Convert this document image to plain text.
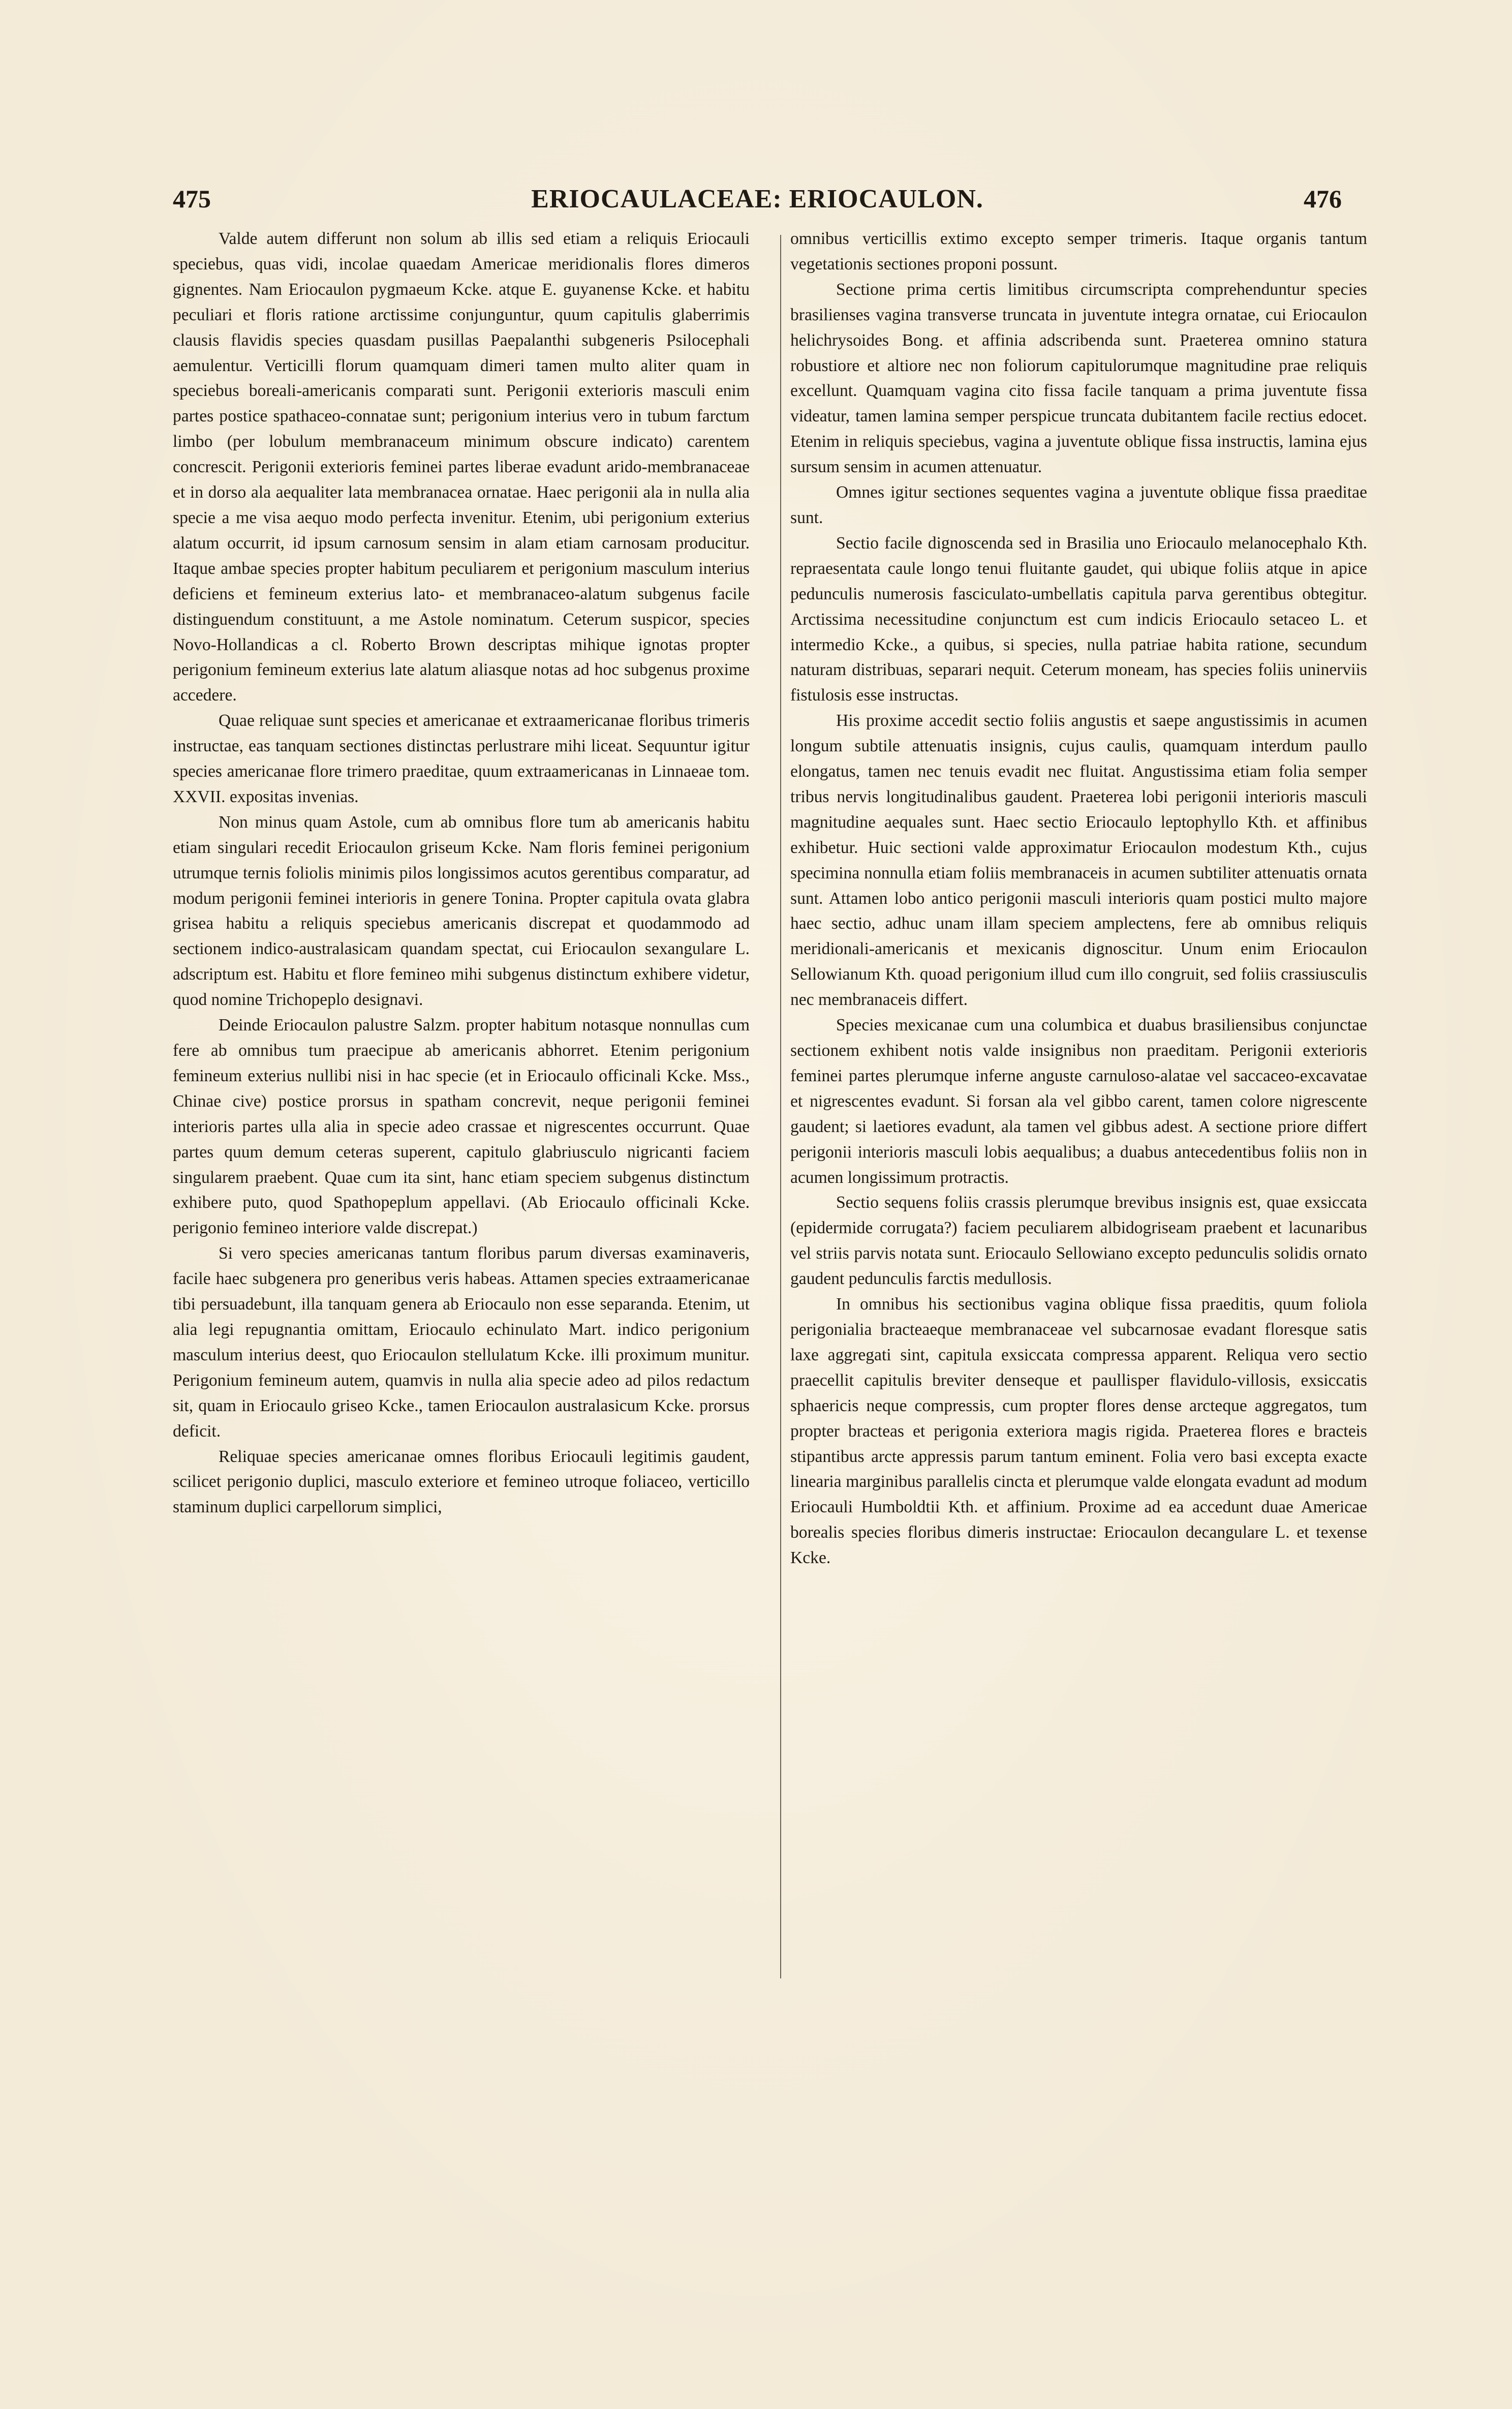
475	ERIOCAULACEAE: ERIOCAULON.	476

Valde autem differunt non solum ab illis sed etiam a reliquis Eriocauli speciebus, quas vidi, incolae quaedam Americae meridionalis flores dimeros gignentes. Nam Eriocaulon pygmaeum Kcke. atque E. guyanense Kcke. et habitu peculiari et floris ratione arctissime conjunguntur, quum capitulis glaberrimis clausis flavidis species quasdam pusillas Paepalanthi subgeneris Psilocephali aemulentur. Verticilli florum quamquam dimeri tamen multo aliter quam in speciebus boreali-americanis comparati sunt. Perigonii exterioris masculi enim partes postice spathaceo-connatae sunt; perigonium interius vero in tubum farctum limbo (per lobulum membranaceum minimum obscure indicato) carentem concrescit. Perigonii exterioris feminei partes liberae evadunt arido-membranaceae et in dorso ala aequaliter lata membranacea ornatae. Haec perigonii ala in nulla alia specie a me visa aequo modo perfecta invenitur. Etenim, ubi perigonium exterius alatum occurrit, id ipsum carnosum sensim in alam etiam carnosam producitur. Itaque ambae species propter habitum peculiarem et perigonium masculum interius deficiens et femineum exterius lato- et membranaceo-alatum subgenus facile distinguendum constituunt, a me Astole nominatum. Ceterum suspicor, species Novo-Hollandicas a cl. Roberto Brown descriptas mihique ignotas propter perigonium femineum exterius late alatum aliasque notas ad hoc subgenus proxime accedere.

Quae reliquae sunt species et americanae et extraamericanae floribus trimeris instructae, eas tanquam sectiones distinctas perlustrare mihi liceat. Sequuntur igitur species americanae flore trimero praeditae, quum extraamericanas in Linnaeae tom. XXVII. expositas invenias.

Non minus quam Astole, cum ab omnibus flore tum ab americanis habitu etiam singulari recedit Eriocaulon griseum Kcke. Nam floris feminei perigonium utrumque ternis foliolis minimis pilos longissimos acutos gerentibus comparatur, ad modum perigonii feminei interioris in genere Tonina. Propter capitula ovata glabra grisea habitu a reliquis speciebus americanis discrepat et quodammodo ad sectionem indico-australasicam quandam spectat, cui Eriocaulon sexangulare L. adscriptum est. Habitu et flore femineo mihi subgenus distinctum exhibere videtur, quod nomine Trichopeplo designavi.

Deinde Eriocaulon palustre Salzm. propter habitum notasque nonnullas cum fere ab omnibus tum praecipue ab americanis abhorret. Etenim perigonium femineum exterius nullibi nisi in hac specie (et in Eriocaulo officinali Kcke. Mss., Chinae cive) postice prorsus in spatham concrevit, neque perigonii feminei interioris partes ulla alia in specie adeo crassae et nigrescentes occurrunt. Quae partes quum demum ceteras superent, capitulo glabriusculo nigricanti faciem singularem praebent. Quae cum ita sint, hanc etiam speciem subgenus distinctum exhibere puto, quod Spathopeplum appellavi. (Ab Eriocaulo officinali Kcke. perigonio femineo interiore valde discrepat.)

Si vero species americanas tantum floribus parum diversas examinaveris, facile haec subgenera pro generibus veris habeas. Attamen species extraamericanae tibi persuadebunt, illa tanquam genera ab Eriocaulo non esse separanda. Etenim, ut alia legi repugnantia omittam, Eriocaulo echinulato Mart. indico perigonium masculum interius deest, quo Eriocaulon stellulatum Kcke. illi proximum munitur. Perigonium femineum autem, quamvis in nulla alia specie adeo ad pilos redactum sit, quam in Eriocaulo griseo Kcke., tamen Eriocaulon australasicum Kcke. prorsus deficit.

Reliquae species americanae omnes floribus Eriocauli legitimis gaudent, scilicet perigonio duplici, masculo exteriore et femineo utroque foliaceo, verticillo staminum duplici carpellorum simplici,

omnibus verticillis extimo excepto semper trimeris. Itaque organis tantum vegetationis sectiones proponi possunt.

Sectione prima certis limitibus circumscripta comprehenduntur species brasilienses vagina transverse truncata in juventute integra ornatae, cui Eriocaulon helichrysoides Bong. et affinia adscribenda sunt. Praeterea omnino statura robustiore et altiore nec non foliorum capitulorumque magnitudine prae reliquis excellunt. Quamquam vagina cito fissa facile tanquam a prima juventute fissa videatur, tamen lamina semper perspicue truncata dubitantem facile rectius edocet. Etenim in reliquis speciebus, vagina a juventute oblique fissa instructis, lamina ejus sursum sensim in acumen attenuatur.

Omnes igitur sectiones sequentes vagina a juventute oblique fissa praeditae sunt.

Sectio facile dignoscenda sed in Brasilia uno Eriocaulo melanocephalo Kth. repraesentata caule longo tenui fluitante gaudet, qui ubique foliis atque in apice pedunculis numerosis fasciculato-umbellatis capitula parva gerentibus obtegitur. Arctissima necessitudine conjunctum est cum indicis Eriocaulo setaceo L. et intermedio Kcke., a quibus, si species, nulla patriae habita ratione, secundum naturam distribuas, separari nequit. Ceterum moneam, has species foliis uninerviis fistulosis esse instructas.

His proxime accedit sectio foliis angustis et saepe angustissimis in acumen longum subtile attenuatis insignis, cujus caulis, quamquam interdum paullo elongatus, tamen nec tenuis evadit nec fluitat. Angustissima etiam folia semper tribus nervis longitudinalibus gaudent. Praeterea lobi perigonii interioris masculi magnitudine aequales sunt. Haec sectio Eriocaulo leptophyllo Kth. et affinibus exhibetur. Huic sectioni valde approximatur Eriocaulon modestum Kth., cujus specimina nonnulla etiam foliis membranaceis in acumen subtiliter attenuatis ornata sunt. Attamen lobo antico perigonii masculi interioris quam postici multo majore haec sectio, adhuc unam illam speciem amplectens, fere ab omnibus reliquis meridionali-americanis et mexicanis dignoscitur. Unum enim Eriocaulon Sellowianum Kth. quoad perigonium illud cum illo congruit, sed foliis crassiusculis nec membranaceis differt.

Species mexicanae cum una columbica et duabus brasiliensibus conjunctae sectionem exhibent notis valde insignibus non praeditam. Perigonii exterioris feminei partes plerumque inferne anguste carnuloso-alatae vel saccaceo-excavatae et nigrescentes evadunt. Si forsan ala vel gibbo carent, tamen colore nigrescente gaudent; si laetiores evadunt, ala tamen vel gibbus adest. A sectione priore differt perigonii interioris masculi lobis aequalibus; a duabus antecedentibus foliis non in acumen longissimum protractis.

Sectio sequens foliis crassis plerumque brevibus insignis est, quae exsiccata (epidermide corrugata?) faciem peculiarem albidogriseam praebent et lacunaribus vel striis parvis notata sunt. Eriocaulo Sellowiano excepto pedunculis solidis ornato gaudent pedunculis farctis medullosis.

In omnibus his sectionibus vagina oblique fissa praeditis, quum foliola perigonialia bracteaeque membranaceae vel subcarnosae evadant floresque satis laxe aggregati sint, capitula exsiccata compressa apparent. Reliqua vero sectio praecellit capitulis breviter denseque et paullisper flavidulo-villosis, exsiccatis sphaericis neque compressis, cum propter flores dense arcteque aggregatos, tum propter bracteas et perigonia exteriora magis rigida. Praeterea flores e bracteis stipantibus arcte appressis parum tantum eminent. Folia vero basi excepta exacte linearia marginibus parallelis cincta et plerumque valde elongata evadunt ad modum Eriocauli Humboldtii Kth. et affinium. Proxime ad ea accedunt duae Americae borealis species floribus dimeris instructae: Eriocaulon decangulare L. et texense Kcke.
